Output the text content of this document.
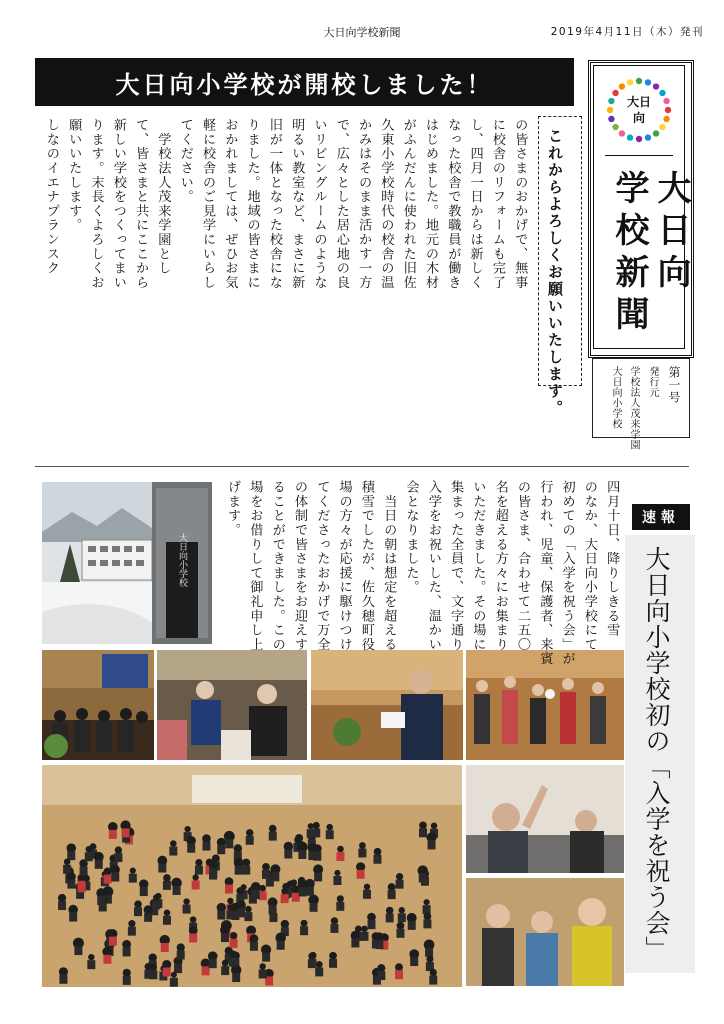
大日向学校新聞	2019年4月11日（木）発刊
大日向小学校が開校しました！
これからよろしくお願いいたします。
大日
向
大日向
学校新聞
第一号
発行元
学校法人茂来学園
大日向小学校
大日向小学校
速報
大日向小学校初の「入学を祝う会」
の皆さまのおかげで、無事
に校舎のリフォームも完了
し、四月一日からは新しく
なった校舎で教職員が働き
はじめました。地元の木材
がふんだんに使われた旧佐
久東小学校時代の校舎の温
かみはそのまま活かす一方
で、広々とした居心地の良
いリビングルームのような
明るい教室など、まさに新
旧が一体となった校舎にな
りました。地域の皆さまに
おかれましては、ぜひお気
軽に校舎のご見学にいらし
てください。
　学校法人茂来学園とし
て、皆さまと共にここから
新しい学校をつくってまい
ります。末長くよろしくお
願いいたします。
しなのイエナプランスク
四月十日、降りしきる雪
のなか、大日向小学校にて
初めての「入学を祝う会」が
行われ、児童、保護者、来賓
の皆さま、合わせて二五〇
名を超える方々にお集まり
いただきました。その場に
集まった全員で、文字通り
入学をお祝いした、温かい
会となりました。
　当日の朝は想定を超える
積雪でしたが、佐久穂町役
場の方々が応援に駆けつけ
てくださったおかげで万全
の体制で皆さまをお迎えす
ることができました。この
場をお借りして御礼申し上
げます。
